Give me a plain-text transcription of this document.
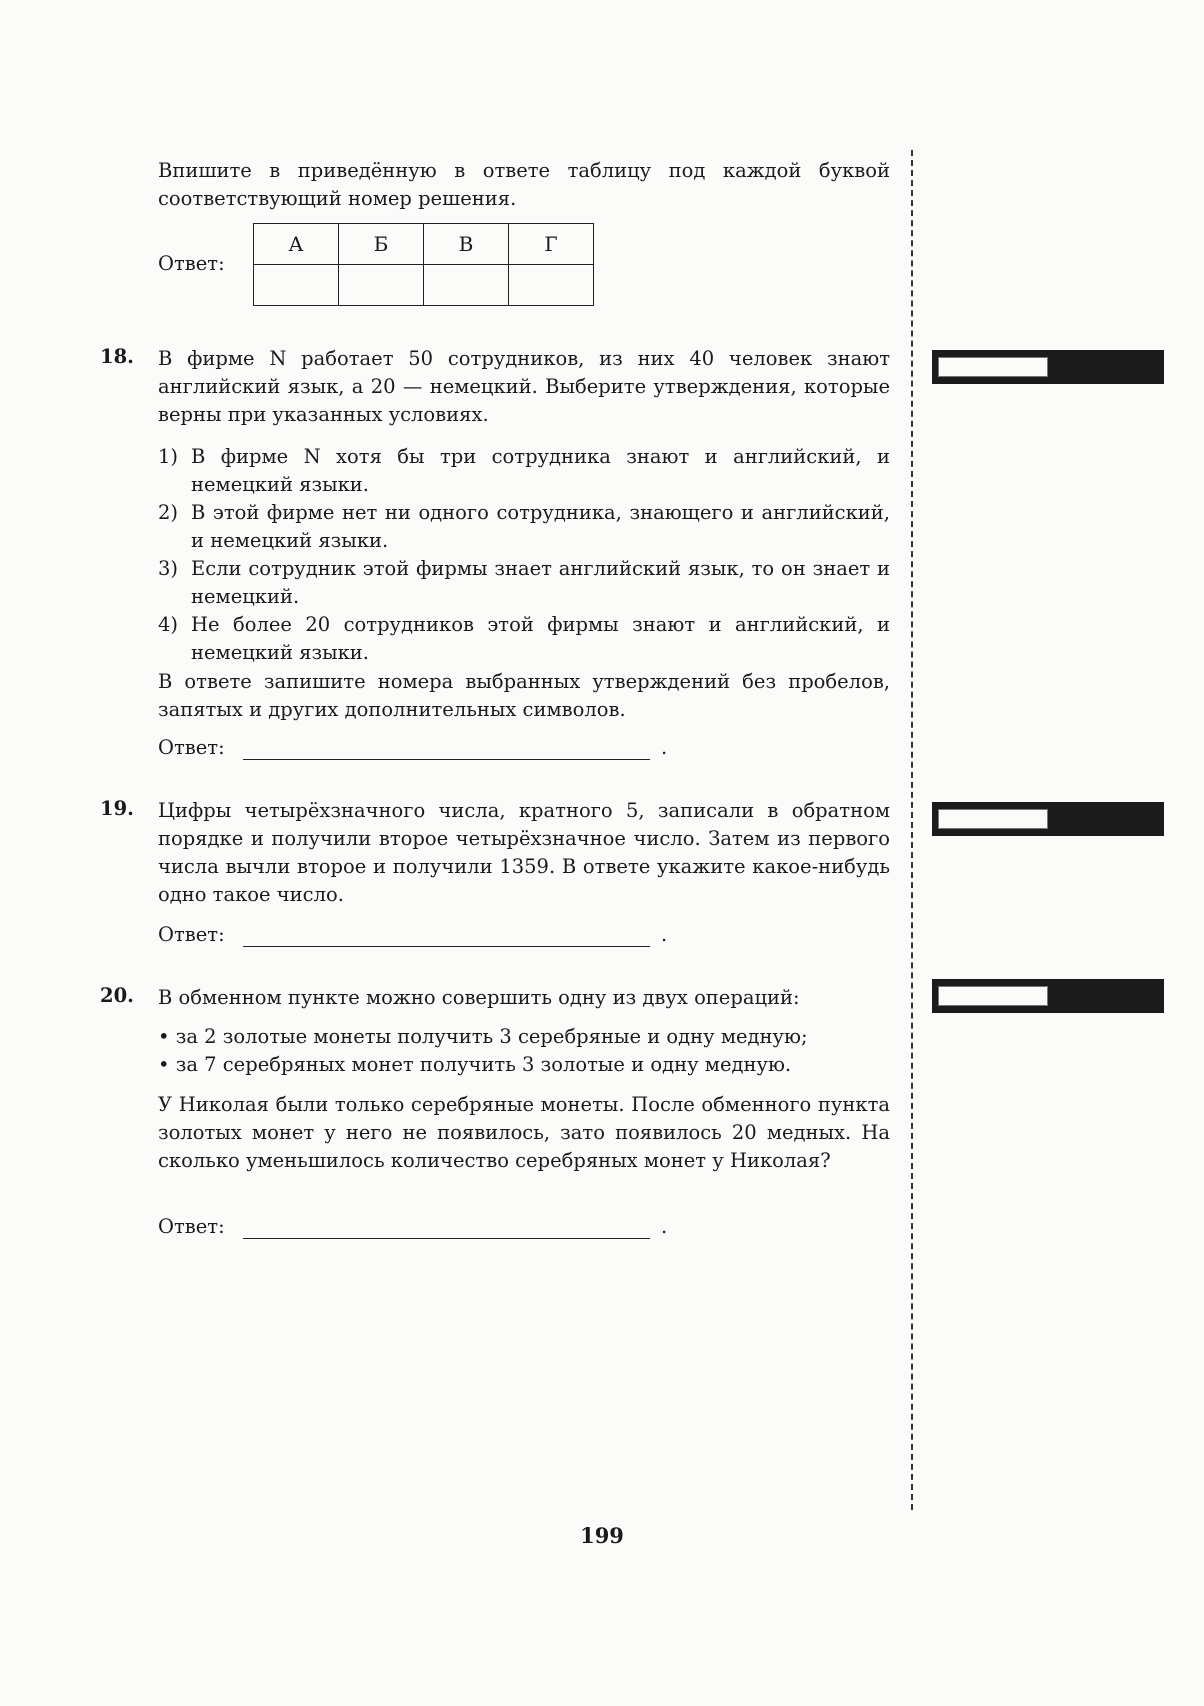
Впишите в приведённую в ответе таблицу под каждой буквой соответствующий номер решения.
Ответ:
А	Б	В	Г

18. В фирме N работает 50 сотрудников, из них 40 человек знают английский язык, а 20 — немецкий. Выберите утверждения, которые верны при указанных условиях.
1) В фирме N хотя бы три сотрудника знают и английский, и немецкий языки.
2) В этой фирме нет ни одного сотрудника, знающего и английский, и немецкий языки.
3) Если сотрудник этой фирмы знает английский язык, то он знает и немецкий.
4) Не более 20 сотрудников этой фирмы знают и английский, и немецкий языки.
В ответе запишите номера выбранных утверждений без пробелов, запятых и других дополнительных символов.
Ответ:	.
19. Цифры четырёхзначного числа, кратного 5, записали в обратном порядке и получили второе четырёхзначное число. Затем из первого числа вычли второе и получили 1359. В ответе укажите какое-нибудь одно такое число.
Ответ:	.
20. В обменном пункте можно совершить одну из двух операций:
• за 2 золотые монеты получить 3 серебряные и одну медную;
• за 7 серебряных монет получить 3 золотые и одну медную.
У Николая были только серебряные монеты. После обменного пункта золотых монет у него не появилось, зато появилось 20 медных. На сколько уменьшилось количество серебряных монет у Николая?
Ответ:	.
199
